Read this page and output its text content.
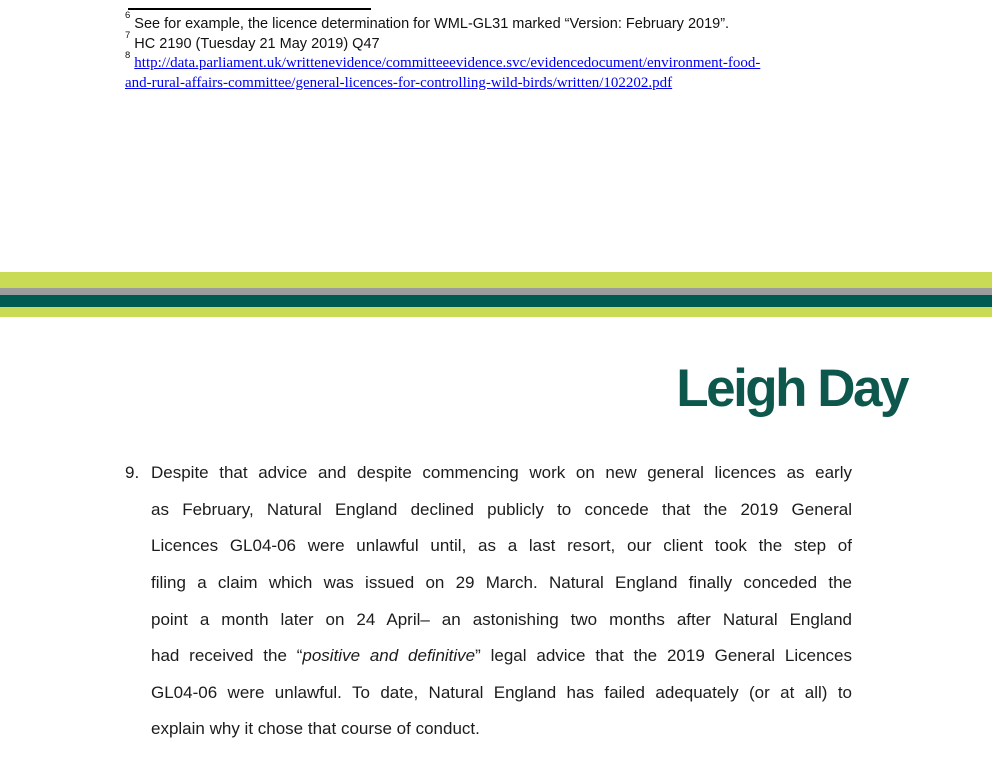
$^6$See for example, the licence determination for WML-GL31 marked “Version: February 2019”.
$^7$HC 2190 (Tuesday 21 May 2019) Q47
$^8$http://data.parliament.uk/writtenevidence/committeeevidence.svc/evidencedocument/environment-food-
and-rural-affairs-committee/general-licences-for-controlling-wild-birds/written/102202.pdf
Leigh Day
9. Despite that advice and despite commencing work on new general licences as early
as February, Natural England declined publicly to concede that the 2019 General
Licences GL04-06 were unlawful until, as a last resort, our client took the step of
filing a claim which was issued on 29 March. Natural England finally conceded the
point a month later on 24 April– an astonishing two months after Natural England
had received the “positive and definitive” legal advice that the 2019 General Licences
GL04-06 were unlawful. To date, Natural England has failed adequately (or at all) to
explain why it chose that course of conduct.
